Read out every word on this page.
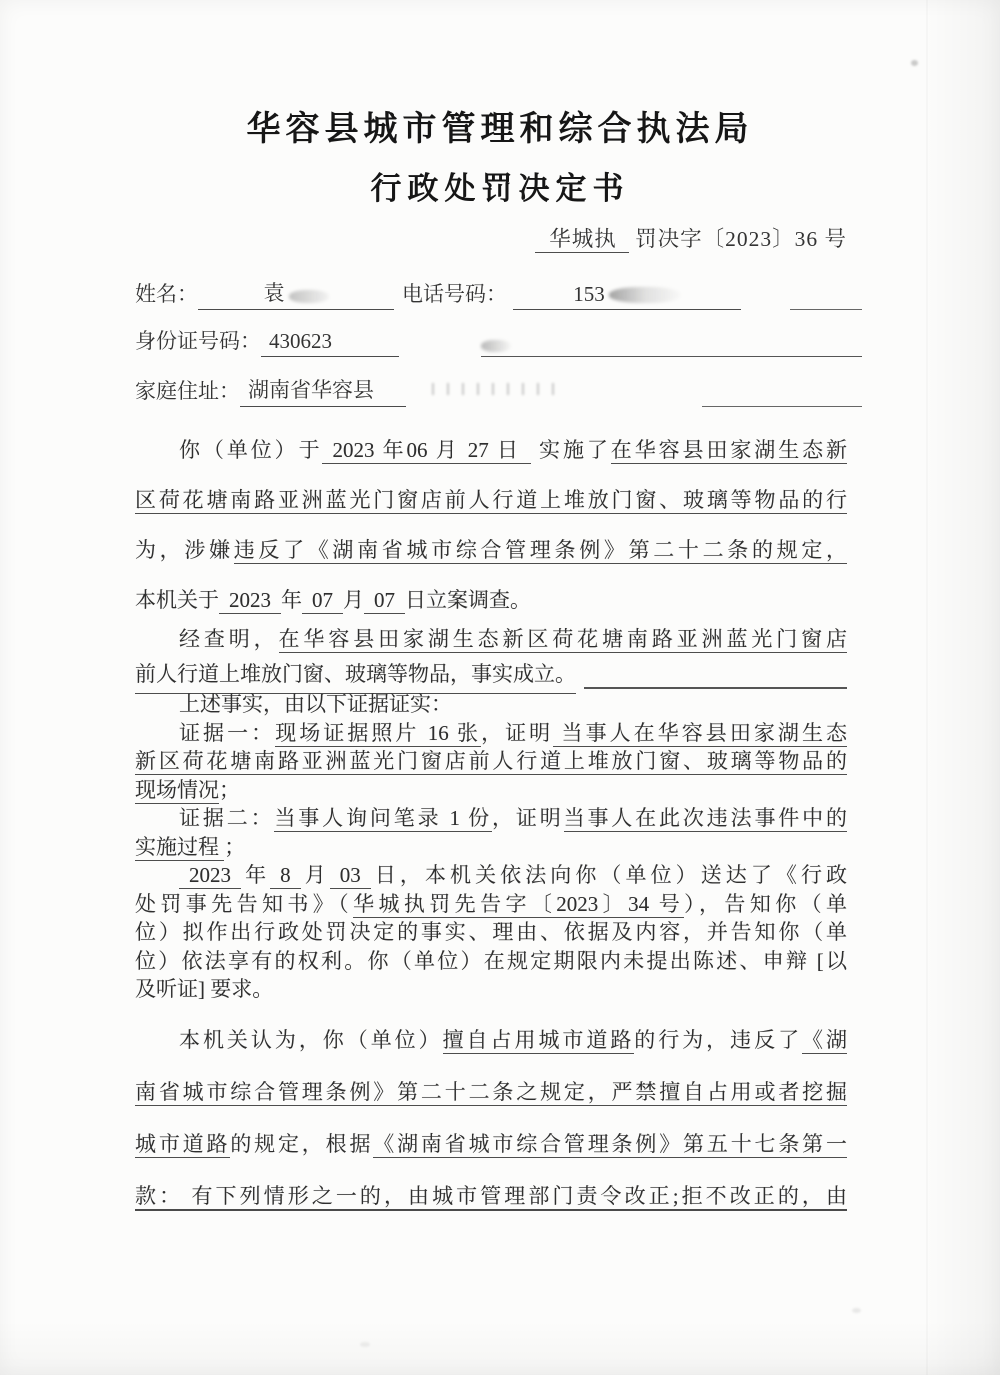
华容县城市管理和综合执法局
行政处罚决定书
华城执 罚决字〔2023〕36 号
姓名：	袁	电话号码：	153
身份证号码： 430623
家庭住址： 湖南省华容县
你（单位）于 2023 年06 月 27 日 实施了在华容县田家湖生态新
区荷花塘南路亚洲蓝光门窗店前人行道上堆放门窗、玻璃等物品的行
为，涉嫌违反了《湖南省城市综合管理条例》第二十二条的规定，
本机关于 2023 年 07 月 07 日立案调查。
经查明，在华容县田家湖生态新区荷花塘南路亚洲蓝光门窗店
前人行道上堆放门窗、玻璃等物品，事实成立。
上述事实，由以下证据证实：
证据一：现场证据照片 16 张，证明 当事人在华容县田家湖生态
新区荷花塘南路亚洲蓝光门窗店前人行道上堆放门窗、玻璃等物品的
现场情况；
证据二：当事人询问笔录 1 份，证明当事人在此次违法事件中的
实施过程 ；
2023 年 8 月 03 日，本机关依法向你（单位）送达了《行政
处罚事先告知书》（华城执罚先告字〔2023〕34 号），告知你（单
位）拟作出行政处罚决定的事实、理由、依据及内容，并告知你（单
位）依法享有的权利。你（单位）在规定期限内未提出陈述、申辩 [以
及听证] 要求。
本机关认为，你（单位）擅自占用城市道路的行为，违反了《湖
南省城市综合管理条例》第二十二条之规定，严禁擅自占用或者挖掘
城市道路的规定，根据《湖南省城市综合管理条例》第五十七条第一
款： 有下列情形之一的，由城市管理部门责令改正;拒不改正的，由
